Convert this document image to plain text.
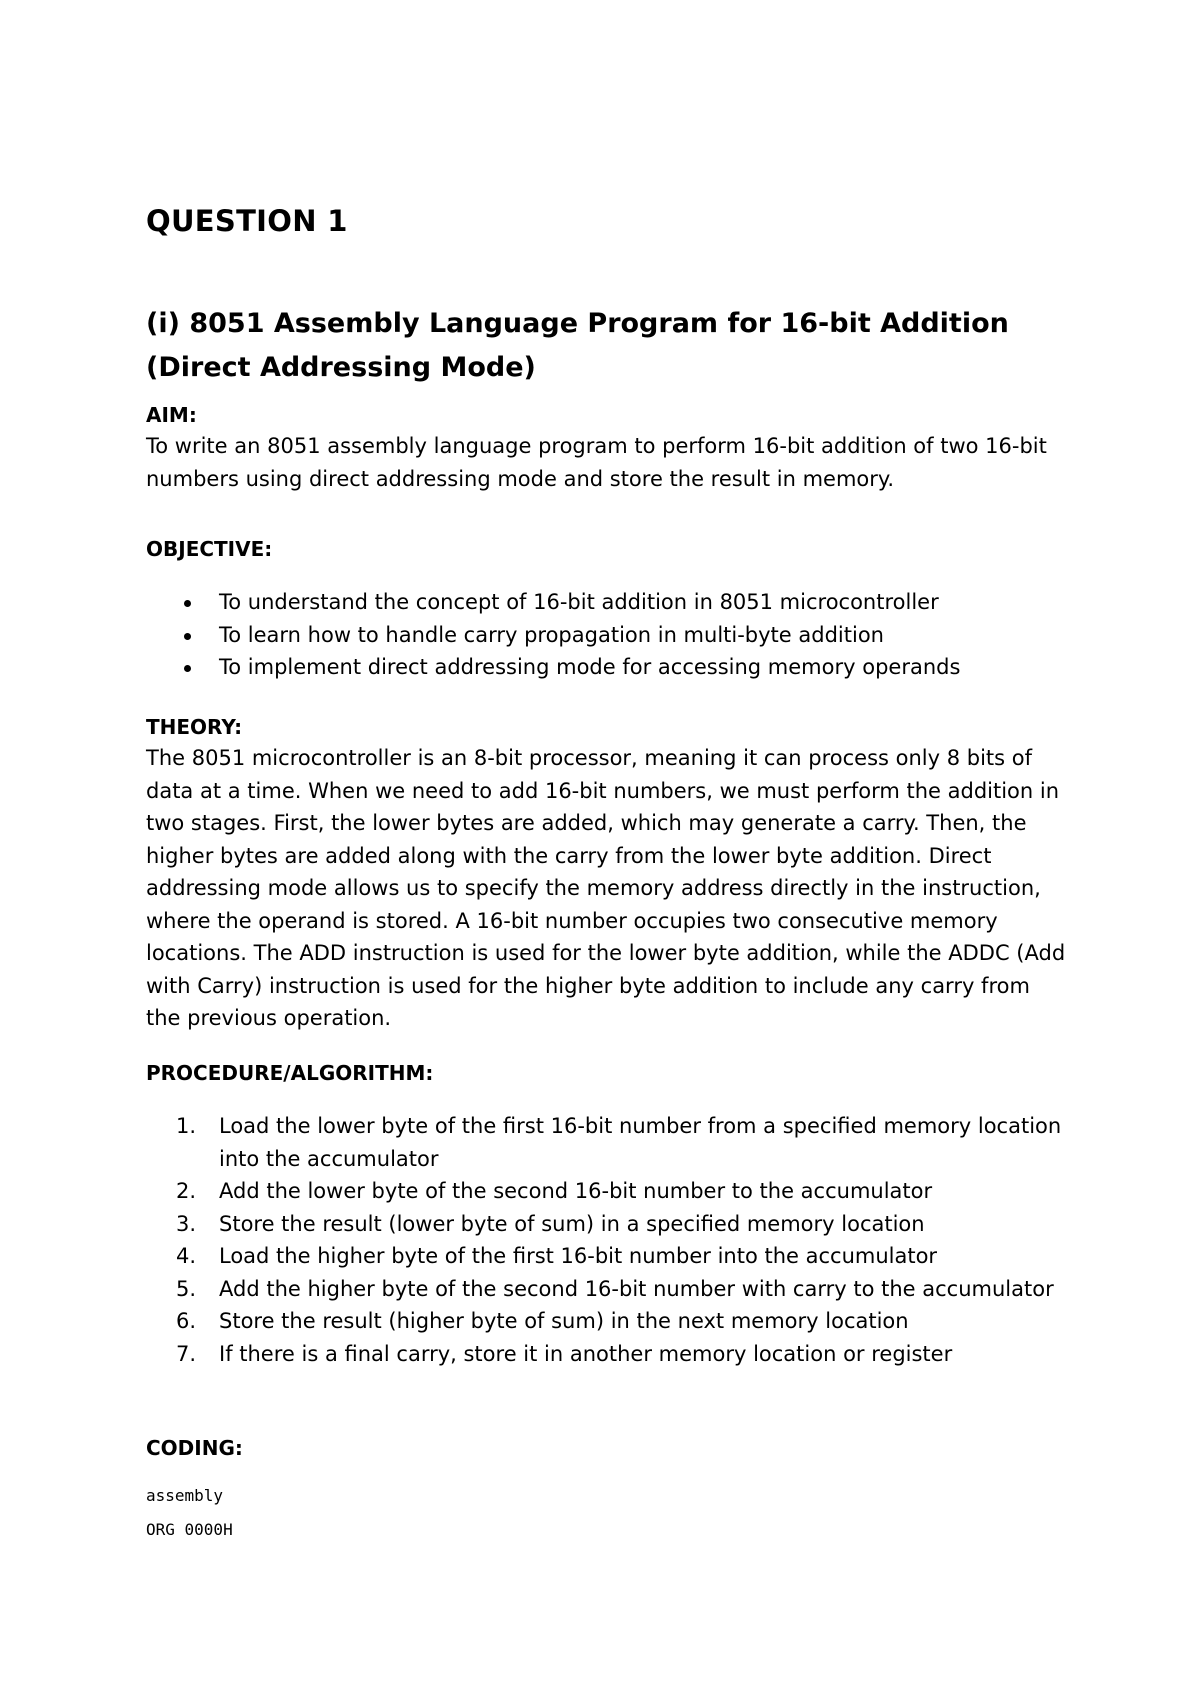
QUESTION 1
(i) 8051 Assembly Language Program for 16-bit Addition (Direct Addressing Mode)

AIM:

To write an 8051 assembly language program to perform 16-bit addition of two 16-bit numbers using direct addressing mode and store the result in memory.

OBJECTIVE:

To understand the concept of 16-bit addition in 8051 microcontroller
To learn how to handle carry propagation in multi-byte addition
To implement direct addressing mode for accessing memory operands

THEORY:

The 8051 microcontroller is an 8-bit processor, meaning it can process only 8 bits of data at a time. When we need to add 16-bit numbers, we must perform the addition in two stages. First, the lower bytes are added, which may generate a carry. Then, the higher bytes are added along with the carry from the lower byte addition. Direct addressing mode allows us to specify the memory address directly in the instruction, where the operand is stored. A 16-bit number occupies two consecutive memory locations. The ADD instruction is used for the lower byte addition, while the ADDC (Add with Carry) instruction is used for the higher byte addition to include any carry from the previous operation.

PROCEDURE/ALGORITHM:

1.	Load the lower byte of the first 16-bit number from a specified memory location into the accumulator
2.	Add the lower byte of the second 16-bit number to the accumulator
3.	Store the result (lower byte of sum) in a specified memory location
4.	Load the higher byte of the first 16-bit number into the accumulator
5.	Add the higher byte of the second 16-bit number with carry to the accumulator
6.	Store the result (higher byte of sum) in the next memory location
7.	If there is a final carry, store it in another memory location or register

CODING:

assembly

ORG 0000H
